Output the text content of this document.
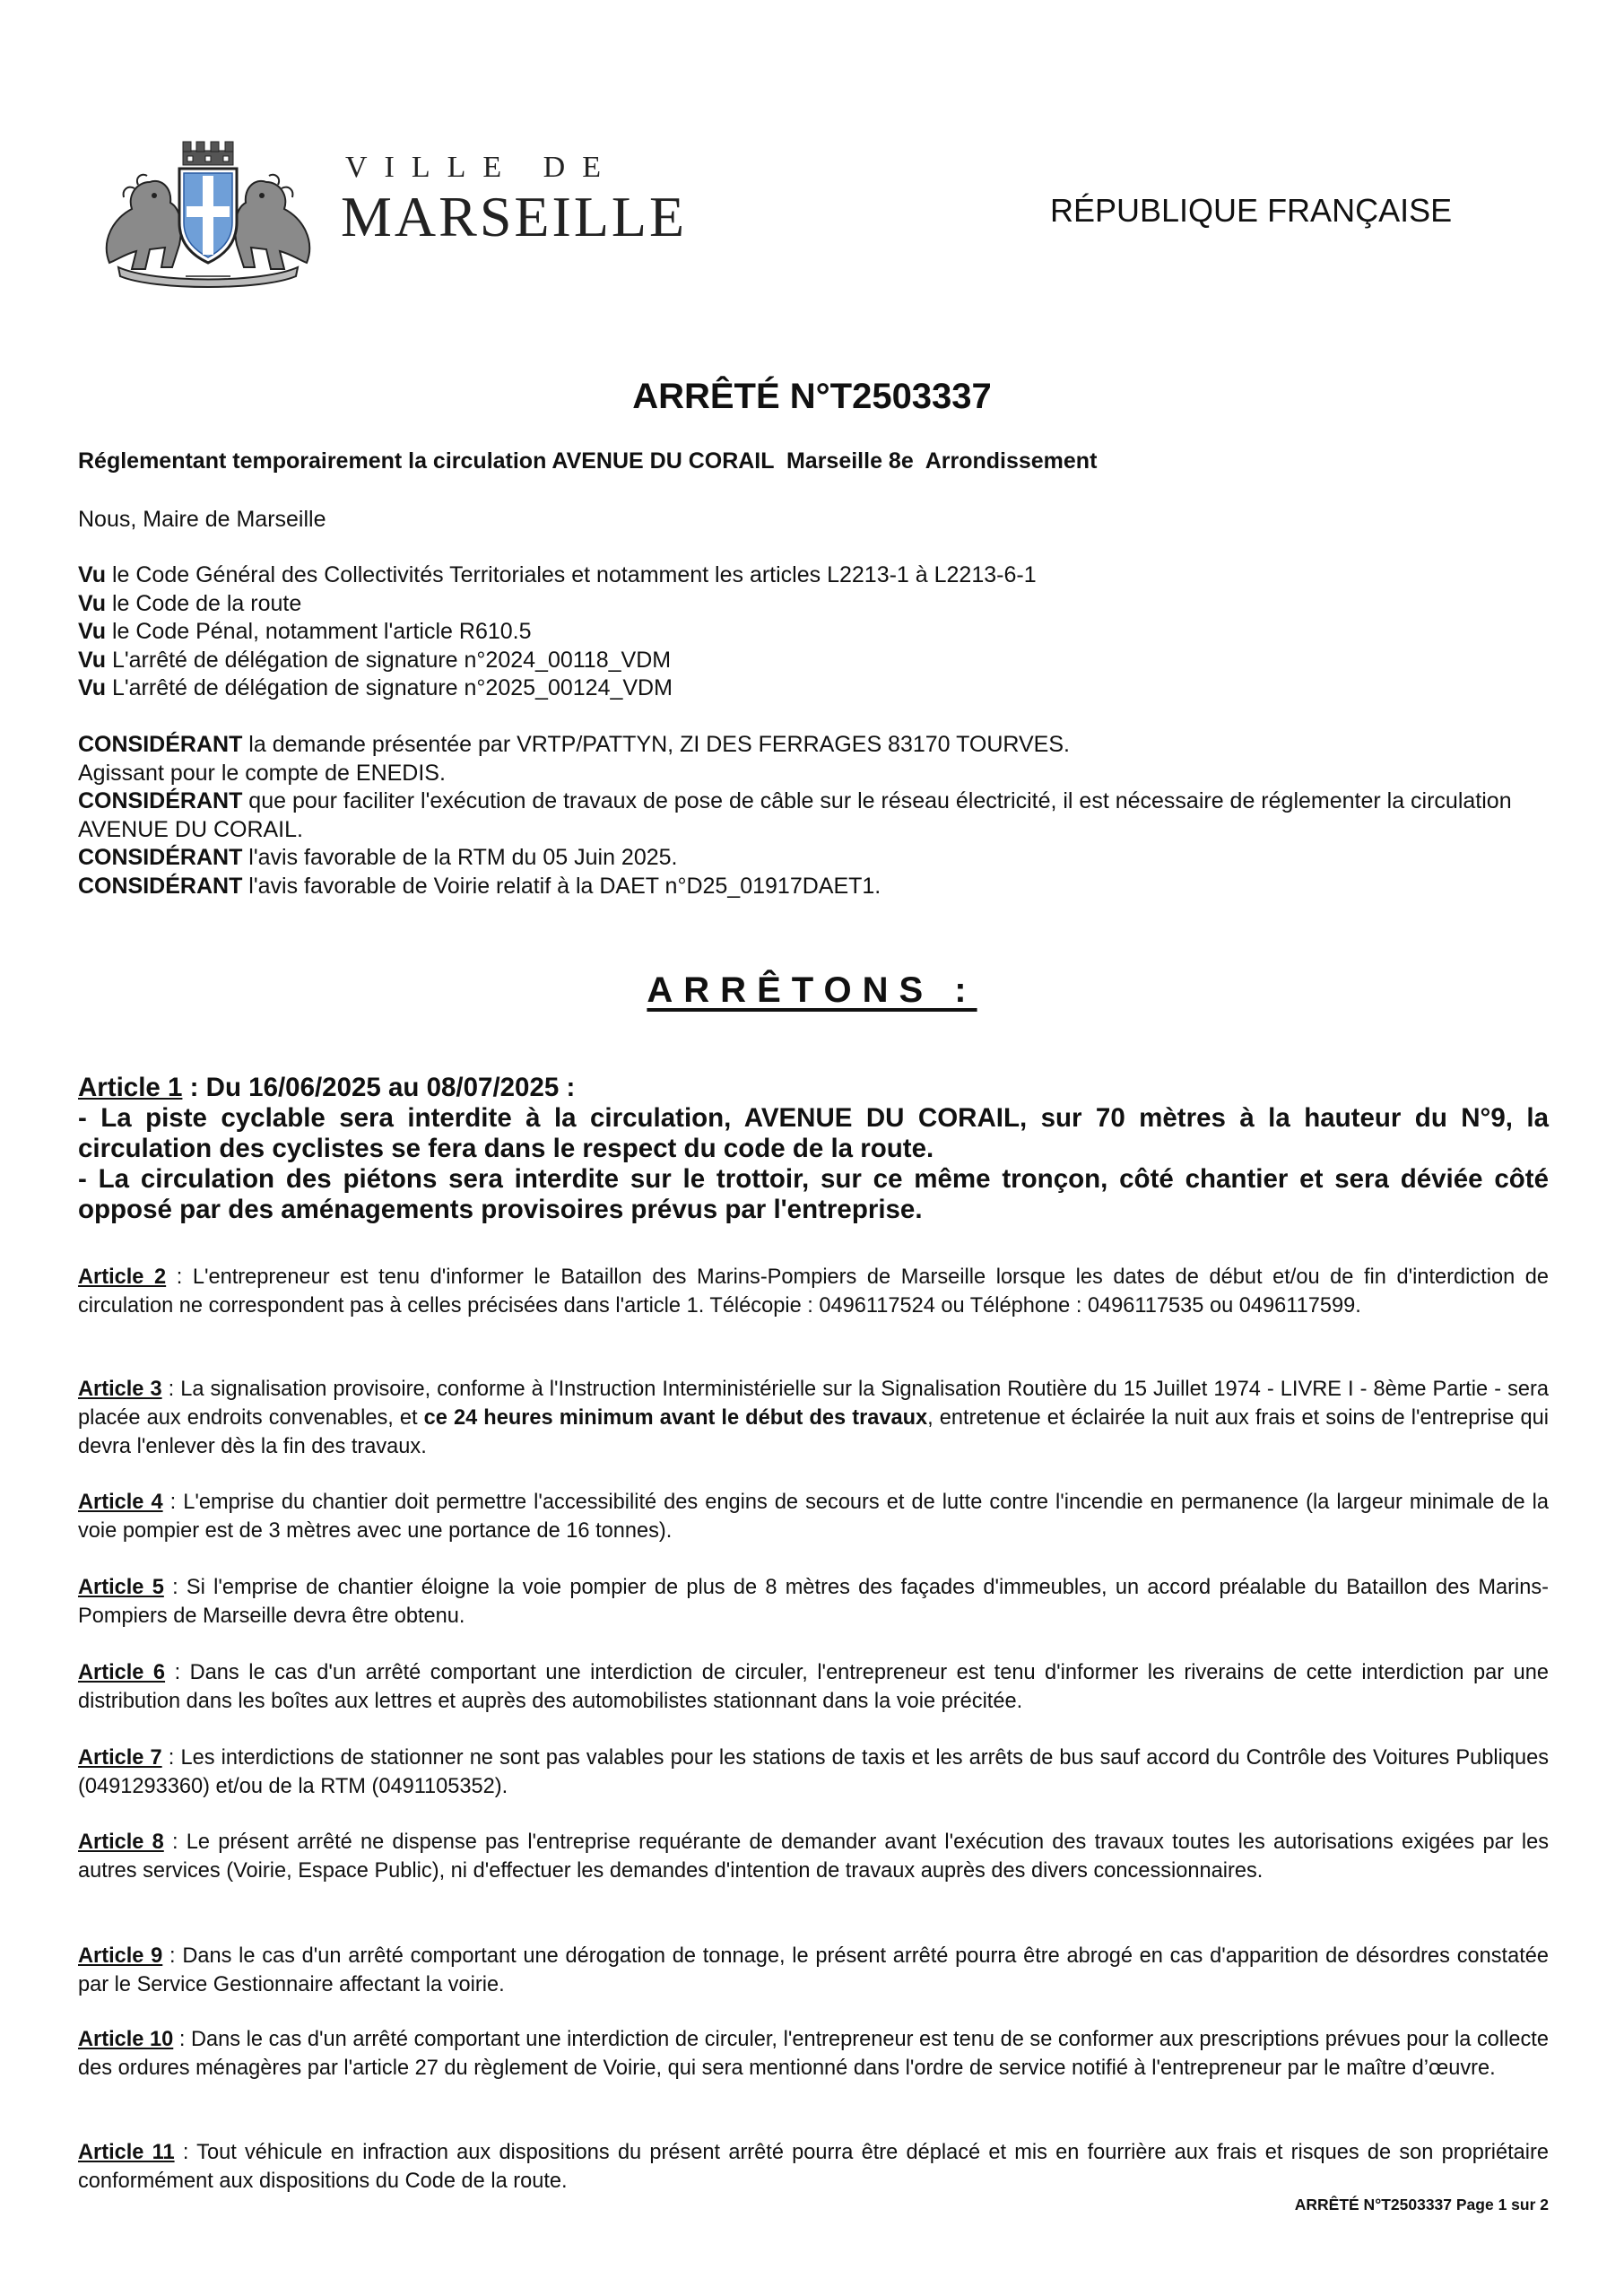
VILLE DE
MARSEILLE	RÉPUBLIQUE FRANÇAISE
ARRÊTÉ N°T2503337
Réglementant temporairement la circulation AVENUE DU CORAIL  Marseille 8e  Arrondissement
Nous, Maire de Marseille
Vu le Code Général des Collectivités Territoriales et notamment les articles L2213-1 à L2213-6-1
Vu le Code de la route
Vu le Code Pénal, notamment l'article R610.5
Vu L'arrêté de délégation de signature n°2024_00118_VDM
Vu L'arrêté de délégation de signature n°2025_00124_VDM
CONSIDÉRANT la demande présentée par VRTP/PATTYN, ZI DES FERRAGES 83170 TOURVES.
Agissant pour le compte de ENEDIS.
CONSIDÉRANT que pour faciliter l'exécution de travaux de pose de câble sur le réseau électricité, il est nécessaire de réglementer la circulation AVENUE DU CORAIL.
CONSIDÉRANT l'avis favorable de la RTM du 05 Juin 2025.
CONSIDÉRANT l'avis favorable de Voirie relatif à la DAET n°D25_01917DAET1.
ARRÊTONS :
Article 1 : Du 16/06/2025 au 08/07/2025 :
- La piste cyclable sera interdite à la circulation, AVENUE DU CORAIL, sur 70 mètres à la hauteur du N°9, la circulation des cyclistes se fera dans le respect du code de la route.
- La circulation des piétons sera interdite sur le trottoir, sur ce même tronçon, côté chantier et sera déviée côté opposé par des aménagements provisoires prévus par l'entreprise.
Article 2 : L'entrepreneur est tenu d'informer le Bataillon des Marins-Pompiers de Marseille lorsque les dates de début et/ou de fin d'interdiction de circulation ne correspondent pas à celles précisées dans l'article 1. Télécopie : 0496117524 ou Téléphone : 0496117535 ou 0496117599.
Article 3 : La signalisation provisoire, conforme à l'Instruction Interministérielle sur la Signalisation Routière du 15 Juillet 1974 - LIVRE I - 8ème Partie - sera placée aux endroits convenables, et ce 24 heures minimum avant le début des travaux, entretenue et éclairée la nuit aux frais et soins de l'entreprise qui devra l'enlever dès la fin des travaux.
Article 4 : L'emprise du chantier doit permettre l'accessibilité des engins de secours et de lutte contre l'incendie en permanence (la largeur minimale de la voie pompier est de 3 mètres avec une portance de 16 tonnes).
Article 5 : Si l'emprise de chantier éloigne la voie pompier de plus de 8 mètres des façades d'immeubles, un accord préalable du Bataillon des Marins-Pompiers de Marseille devra être obtenu.
Article 6 : Dans le cas d'un arrêté comportant une interdiction de circuler, l'entrepreneur est tenu d'informer les riverains de cette interdiction par une distribution dans les boîtes aux lettres et auprès des automobilistes stationnant dans la voie précitée.
Article 7 : Les interdictions de stationner ne sont pas valables pour les stations de taxis et les arrêts de bus sauf accord du Contrôle des Voitures Publiques (0491293360) et/ou de la RTM (0491105352).
Article 8 : Le présent arrêté ne dispense pas l'entreprise requérante de demander avant l'exécution des travaux toutes les autorisations exigées par les autres services (Voirie, Espace Public), ni d'effectuer les demandes d'intention de travaux auprès des divers concessionnaires.
Article 9 : Dans le cas d'un arrêté comportant une dérogation de tonnage, le présent arrêté pourra être abrogé en cas d'apparition de désordres constatée par le Service Gestionnaire affectant la voirie.
Article 10 : Dans le cas d'un arrêté comportant une interdiction de circuler, l'entrepreneur est tenu de se conformer aux prescriptions prévues pour la collecte des ordures ménagères par l'article 27 du règlement de Voirie, qui sera mentionné dans l'ordre de service notifié à l'entrepreneur par le maître d’œuvre.
Article 11 : Tout véhicule en infraction aux dispositions du présent arrêté pourra être déplacé et mis en fourrière aux frais et risques de son propriétaire conformément aux dispositions du Code de la route.
ARRÊTÉ N°T2503337 Page 1 sur 2
